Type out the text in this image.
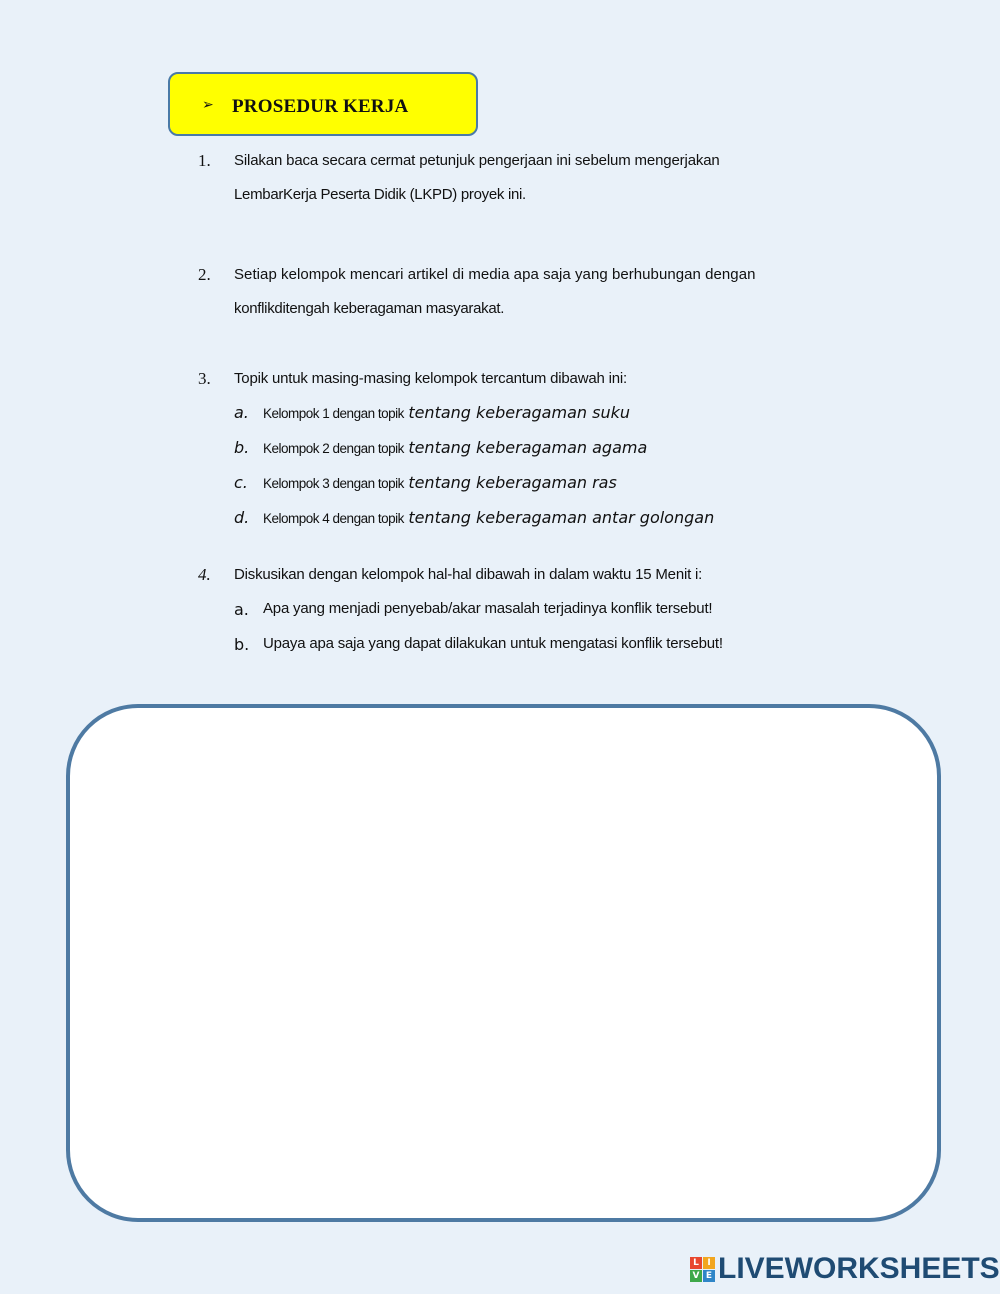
➢ PROSEDUR KERJA
1. Silakan baca secara cermat petunjuk pengerjaan ini sebelum mengerjakan
LembarKerja Peserta Didik (LKPD) proyek ini.
2. Setiap kelompok mencari artikel di media apa saja yang berhubungan dengan
konflikditengah keberagaman masyarakat.
3. Topik untuk masing-masing kelompok tercantum dibawah ini:
a. Kelompok 1 dengan topik tentang keberagaman suku
b. Kelompok 2 dengan topik tentang keberagaman agama
c. Kelompok 3 dengan topik tentang keberagaman ras
d. Kelompok 4 dengan topik tentang keberagaman antar golongan
4. Diskusikan dengan kelompok hal-hal dibawah in dalam waktu 15 Menit i:
a. Apa yang menjadi penyebab/akar masalah terjadinya konflik tersebut!
b. Upaya apa saja yang dapat dilakukan untuk mengatasi konflik tersebut!
L I
V E LIVEWORKSHEETS
